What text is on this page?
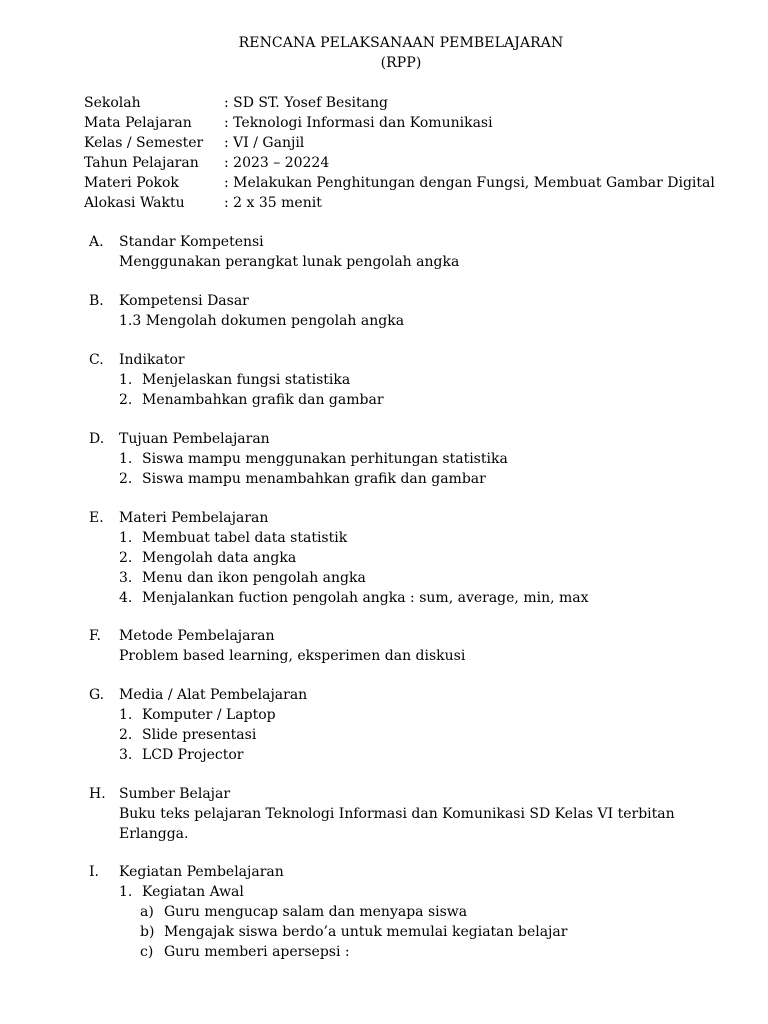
RENCANA PELAKSANAAN PEMBELAJARAN
(RPP)
Sekolah	: SD ST. Yosef Besitang
Mata Pelajaran	: Teknologi Informasi dan Komunikasi
Kelas / Semester	: VI / Ganjil
Tahun Pelajaran	: 2023 – 20224
Materi Pokok	: Melakukan Penghitungan dengan Fungsi, Membuat Gambar Digital
Alokasi Waktu	: 2 x 35 menit
A.	Standar Kompetensi
Menggunakan perangkat lunak pengolah angka
B.	Kompetensi Dasar
1.3 Mengolah dokumen pengolah angka
C.	Indikator
1. Menjelaskan fungsi statistika
2. Menambahkan grafik dan gambar
D.	Tujuan Pembelajaran
1. Siswa mampu menggunakan perhitungan statistika
2. Siswa mampu menambahkan grafik dan gambar
E.	Materi Pembelajaran
1. Membuat tabel data statistik
2. Mengolah data angka
3. Menu dan ikon pengolah angka
4. Menjalankan fuction pengolah angka : sum, average, min, max
F.	Metode Pembelajaran
Problem based learning, eksperimen dan diskusi
G.	Media / Alat Pembelajaran
1. Komputer / Laptop
2. Slide presentasi
3. LCD Projector
H. Sumber Belajar
Buku teks pelajaran Teknologi Informasi dan Komunikasi SD Kelas VI terbitan
Erlangga.
I.	Kegiatan Pembelajaran
1. Kegiatan Awal
a) Guru mengucap salam dan menyapa siswa
b) Mengajak siswa berdo’a untuk memulai kegiatan belajar
c) Guru memberi apersepsi :
